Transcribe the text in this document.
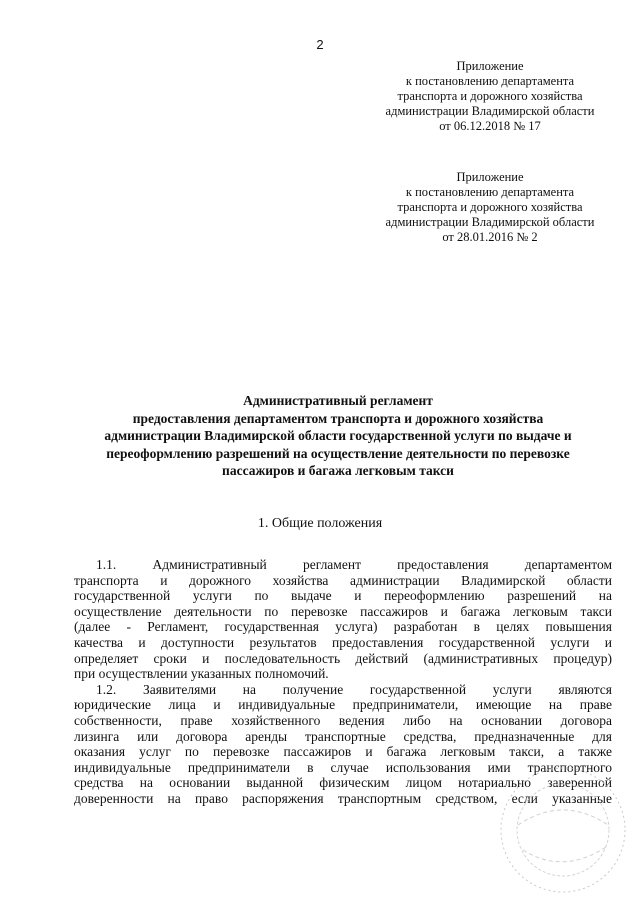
2
Приложение
к постановлению департамента
транспорта и дорожного хозяйства
администрации Владимирской области
от 06.12.2018 № 17
Приложение
к постановлению департамента
транспорта и дорожного хозяйства
администрации Владимирской области
от 28.01.2016 № 2
Административный регламент
предоставления департаментом транспорта и дорожного хозяйства
администрации Владимирской области государственной услуги по выдаче и
переоформлению разрешений на осуществление деятельности по перевозке
пассажиров и багажа легковым такси
1. Общие положения
1.1. Административный регламент предоставления департаментом
транспорта и дорожного хозяйства администрации Владимирской области
государственной услуги по выдаче и переоформлению разрешений на
осуществление деятельности по перевозке пассажиров и багажа легковым такси
(далее - Регламент, государственная услуга) разработан в целях повышения
качества и доступности результатов предоставления государственной услуги и
определяет сроки и последовательность действий (административных процедур)
при осуществлении указанных полномочий.
1.2. Заявителями на получение государственной услуги являются
юридические лица и индивидуальные предприниматели, имеющие на праве
собственности, праве хозяйственного ведения либо на основании договора
лизинга или договора аренды транспортные средства, предназначенные для
оказания услуг по перевозке пассажиров и багажа легковым такси, а также
индивидуальные предприниматели в случае использования ими транспортного
средства на основании выданной физическим лицом нотариально заверенной
доверенности на право распоряжения транспортным средством, если указанные
